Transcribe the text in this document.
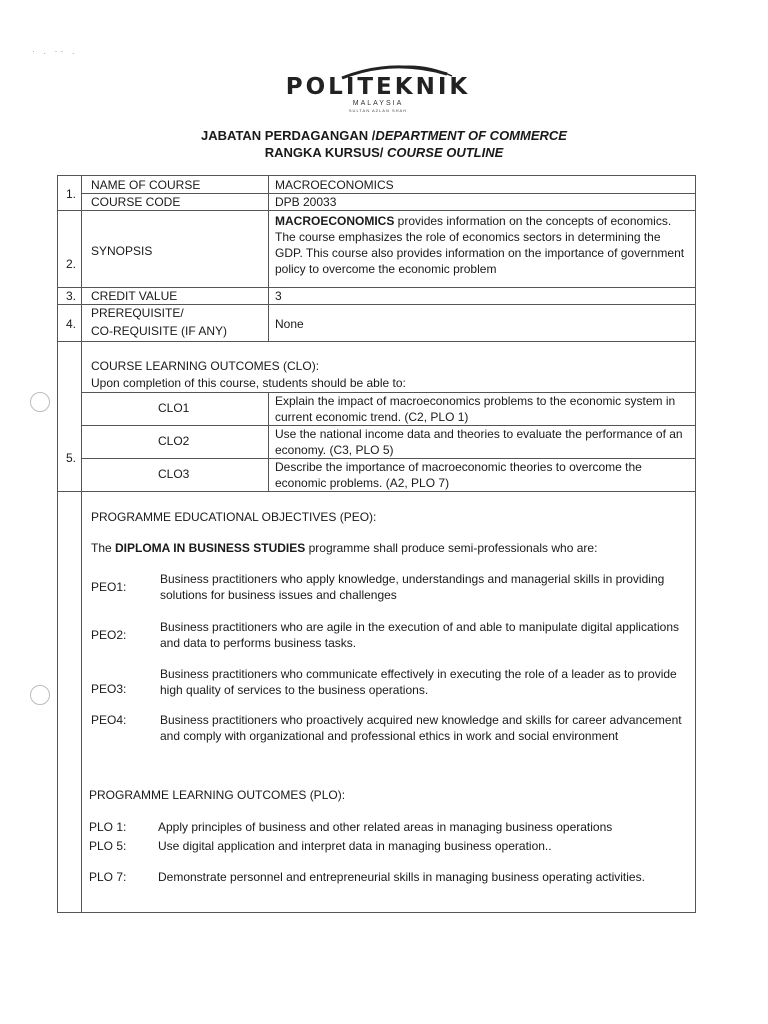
· . ·· .
POLITEKNIK
MALAYSIA
SULTAN AZLAN SHAH
JABATAN PERDAGANGAN /DEPARTMENT OF COMMERCE
RANGKA KURSUS/ COURSE OUTLINE
1.
NAME OF COURSE	MACROECONOMICS
COURSE CODE	DPB 20033
2.
SYNOPSIS
MACROECONOMICS provides information on the concepts of economics. The course emphasizes the role of economics sectors in determining the GDP. This course also provides information on the importance of government policy to overcome the economic problem
3. CREDIT VALUE	3
4.
PREREQUISITE/
CO-REQUISITE (IF ANY)	None
5.
COURSE LEARNING OUTCOMES (CLO):
Upon completion of this course, students should be able to:
CLO1	Explain the impact of macroeconomics problems to the economic system in current economic trend. (C2, PLO 1)
CLO2	Use the national income data and theories to evaluate the performance of an economy. (C3, PLO 5)
CLO3	Describe the importance of macroeconomic theories to overcome the economic problems. (A2, PLO 7)
PROGRAMME EDUCATIONAL OBJECTIVES (PEO):
The DIPLOMA IN BUSINESS STUDIES programme shall produce semi-professionals who are:
PEO1:
Business practitioners who apply knowledge, understandings and managerial skills in providing solutions for business issues and challenges
PEO2:
Business practitioners who are agile in the execution of and able to manipulate digital applications and data to performs business tasks.
PEO3:
Business practitioners who communicate effectively in executing the role of a leader as to provide high quality of services to the business operations.
PEO4:	Business practitioners who proactively acquired new knowledge and skills for career advancement and comply with organizational and professional ethics in work and social environment
PROGRAMME LEARNING OUTCOMES (PLO):
PLO 1:	Apply principles of business and other related areas in managing business operations
PLO 5:	Use digital application and interpret data in managing business operation..
PLO 7:	Demonstrate personnel and entrepreneurial skills in managing business operating activities.
